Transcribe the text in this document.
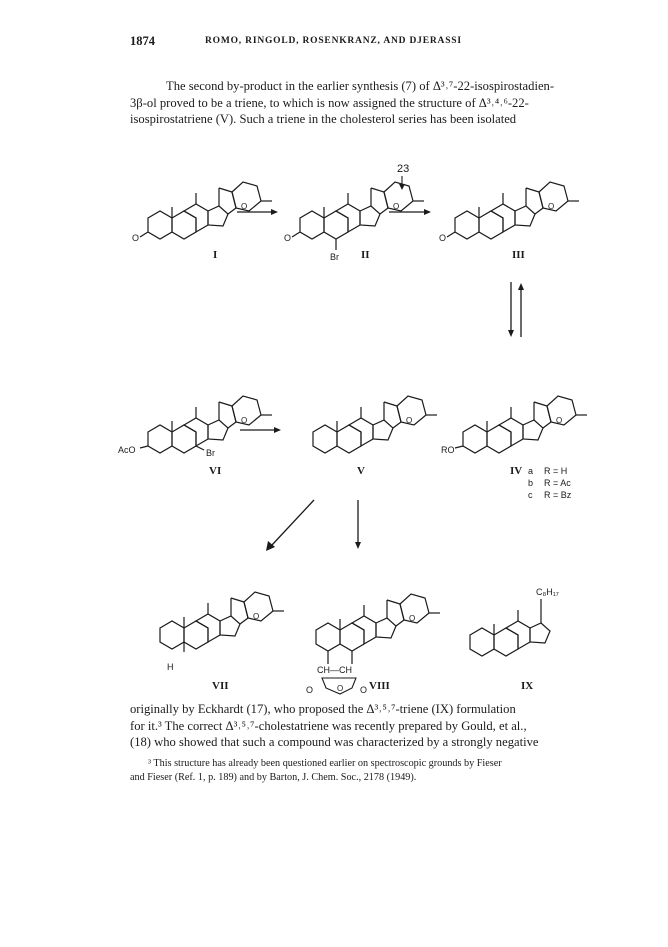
1874	ROMO, RINGOLD, ROSENKRANZ, AND DJERASSI
The second by-product in the earlier synthesis (7) of Δ³˒⁷-22-isospirostadien-
3β-ol proved to be a triene, to which is now assigned the structure of Δ³˒⁴˒⁶-22-
isospirostatriene (V). Such a triene in the cholesterol series has been isolated
O
O
I
O
O
Br
23
II
O
O
III
AcO	Br
O
VI
O
V
RO
O
IV a R = H
b R = Ac
c R = Bz
H
O
VII
CH—CH
O	O O
O
VIII
C₈H₁₇
IX
originally by Eckhardt (17), who proposed the Δ³˒⁵˒⁷-triene (IX) formulation
for it.³ The correct Δ³˒⁵˒⁷-cholestatriene was recently prepared by Gould, et al.,
(18) who showed that such a compound was characterized by a strongly negative
³ This structure has already been questioned earlier on spectroscopic grounds by Fieser
and Fieser (Ref. 1, p. 189) and by Barton, J. Chem. Soc., 2178 (1949).
